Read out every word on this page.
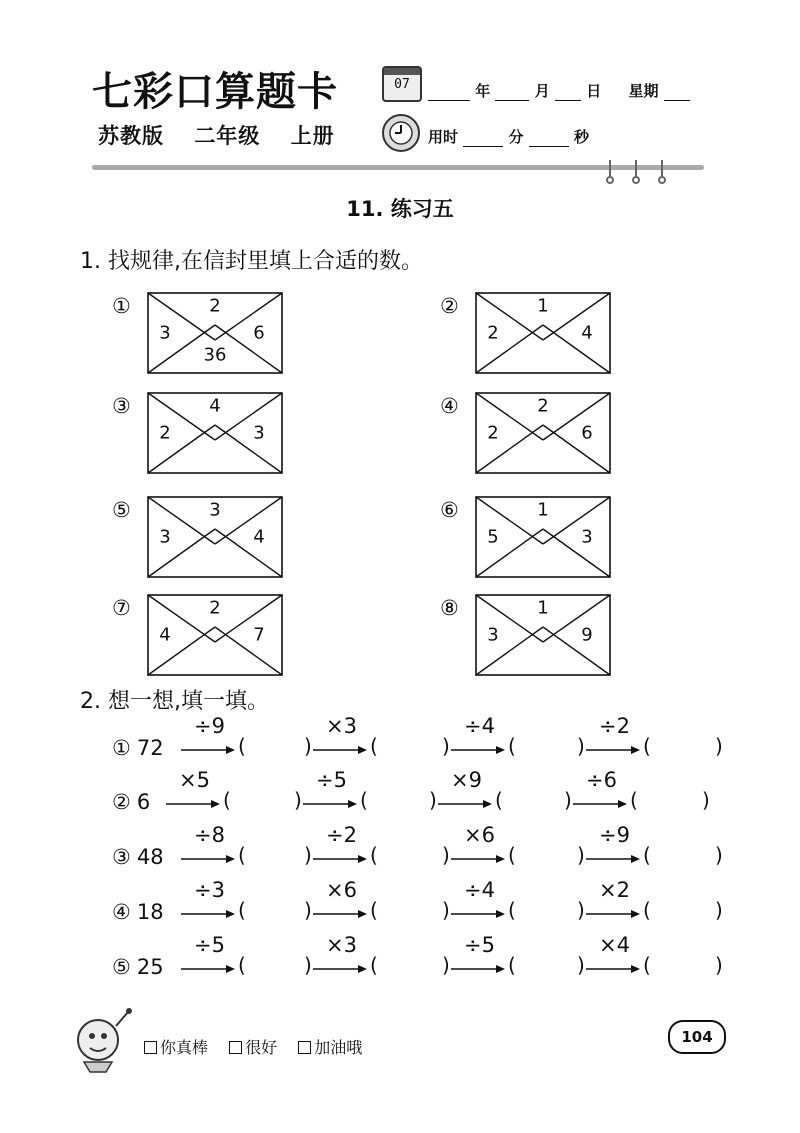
七彩口算题卡
苏教版 二年级 上册
07	年	月 日 星期
用时	分	秒
11. 练习五
1. 找规律,在信封里填上合适的数。
①	2
3	6
36
②	1
2	4
③	4
2	3
④	2
2	6
⑤	3
3	4
⑥	1
5	3
⑦	2
4	7
⑧	1
3	9
2. 想一想,填一填。
① 72
÷9
(	)
×3
(	)
÷4
(	)
÷2
(	)
② 6
×5
(	)
÷5
(	)
×9
(	)
÷6
(	)
③ 48
÷8
(	)
÷2
(	)
×6
(	)
÷9
(	)
④ 18
÷3
(	)
×6
(	)
÷4
(	)
×2
(	)
⑤ 25
÷5
(	)
×3
(	)
÷5
(	)
×4
(	)
你真棒 很好 加油哦
104
